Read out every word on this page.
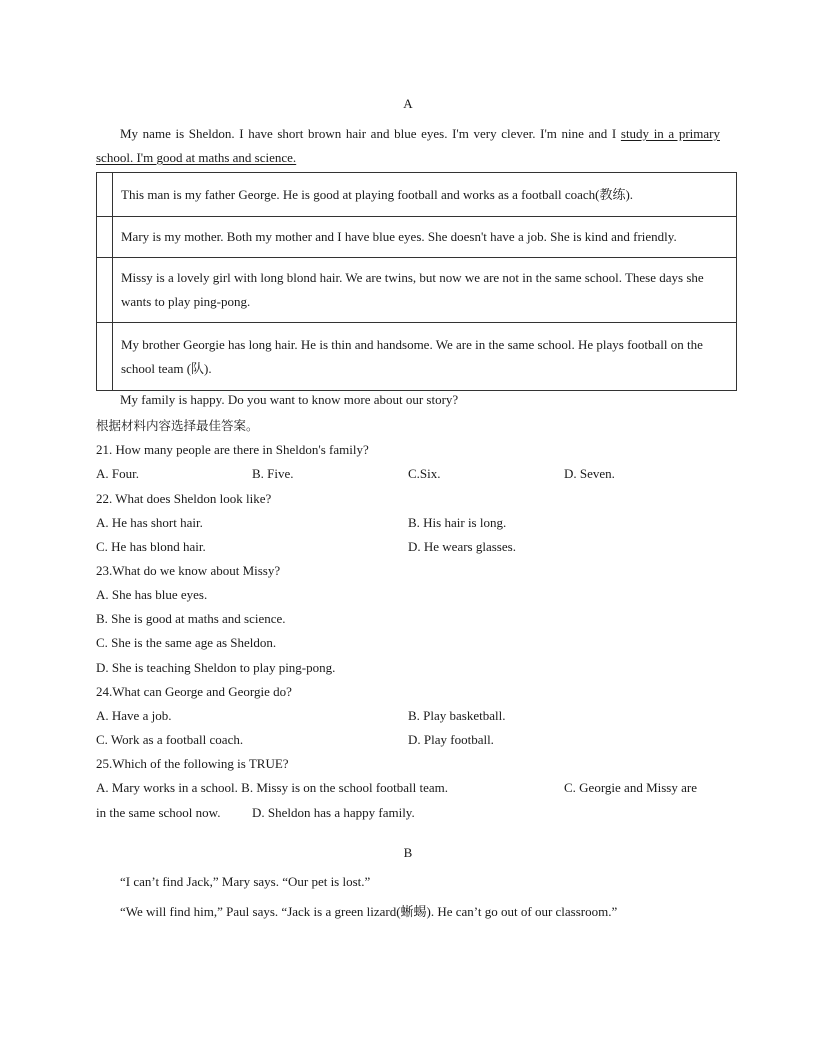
A
My name is Sheldon. I have short brown hair and blue eyes. I'm very clever. I'm nine and I study in a primary school. I'm good at maths and science.
	This man is my father George. He is good at playing football and works as a football coach(教练).
	Mary is my mother. Both my mother and I have blue eyes. She doesn't have a job. She is kind and friendly.
	Missy is a lovely girl with long blond hair. We are twins, but now we are not in the same school. These days she wants to play ping-pong.
	My brother Georgie has long hair. He is thin and handsome. We are in the same school. He plays football on the school team (队).
My family is happy. Do you want to know more about our story?
根据材料内容选择最佳答案。
21. How many people are there in Sheldon's family?
A. Four.	B. Five.	C.Six.	D. Seven.
22. What does Sheldon look like?
A. He has short hair.	B. His hair is long.
C. He has blond hair.	D. He wears glasses.
23.What do we know about Missy?
A. She has blue eyes.
B. She is good at maths and science.
C. She is the same age as Sheldon.
D. She is teaching Sheldon to play ping-pong.
24.What can George and Georgie do?
A. Have a job.	B. Play basketball.
C. Work as a football coach.	D. Play football.
25.Which of the following is TRUE?
A. Mary works in a school. B. Missy is on the school football team.	C. Georgie and Missy are
in the same school now. D. Sheldon has a happy family.
B
“I can’t find Jack,” Mary says. “Our pet is lost.”
“We will find him,” Paul says. “Jack is a green lizard(蜥蜴). He can’t go out of our classroom.”
